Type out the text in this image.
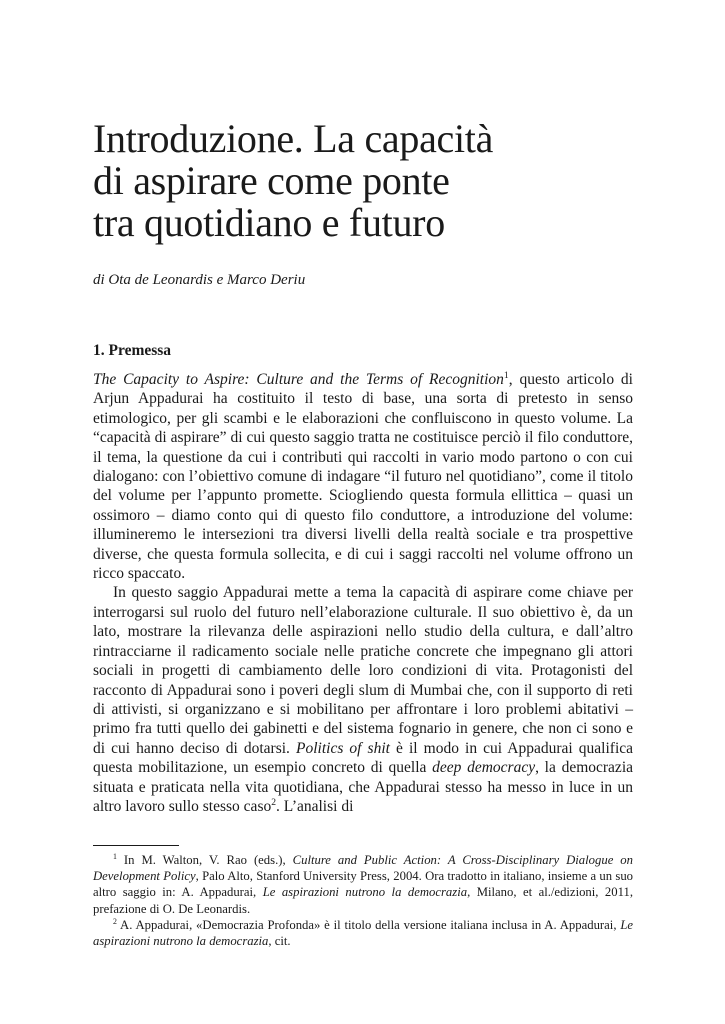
Introduzione. La capacità
di aspirare come ponte
tra quotidiano e futuro
di Ota de Leonardis e Marco Deriu
1. Premessa

The Capacity to Aspire: Culture and the Terms of Recognition$^1$, questo articolo di Arjun Appadurai ha costituito il testo di base, una sorta di pretesto in senso etimologico, per gli scambi e le elaborazioni che confluiscono in questo volume. La “capacità di aspirare” di cui questo saggio tratta ne costituisce perciò il filo conduttore, il tema, la questione da cui i contributi qui raccolti in vario modo partono o con cui dialogano: con l’obiettivo comune di indagare “il futuro nel quotidiano”, come il titolo del volume per l’appunto promette. Sciogliendo questa formula ellittica – quasi un ossimoro – diamo conto qui di questo filo conduttore, a introduzione del volume: illumineremo le intersezioni tra diversi livelli della realtà sociale e tra prospettive diverse, che questa formula sollecita, e di cui i saggi raccolti nel volume offrono un ricco spaccato.

In questo saggio Appadurai mette a tema la capacità di aspirare come chiave per interrogarsi sul ruolo del futuro nell’elaborazione culturale. Il suo obiettivo è, da un lato, mostrare la rilevanza delle aspirazioni nello studio della cultura, e dall’altro rintracciarne il radicamento sociale nelle pratiche concrete che impegnano gli attori sociali in progetti di cambiamento delle loro condizioni di vita. Protagonisti del racconto di Appadurai sono i poveri degli slum di Mumbai che, con il supporto di reti di attivisti, si organizzano e si mobilitano per affrontare i loro problemi abitativi – primo fra tutti quello dei gabinetti e del sistema fognario in genere, che non ci sono e di cui hanno deciso di dotarsi. Politics of shit è il modo in cui Appadurai qualifica questa mobilitazione, un esempio concreto di quella deep democracy, la democrazia situata e praticata nella vita quotidiana, che Appadurai stesso ha messo in luce in un altro lavoro sullo stesso caso$^2$. L’analisi di

$^1$ In M. Walton, V. Rao (eds.), Culture and Public Action: A Cross-Disciplinary Dialogue on Development Policy, Palo Alto, Stanford University Press, 2004. Ora tradotto in italiano, insieme a un suo altro saggio in: A. Appadurai, Le aspirazioni nutrono la democrazia, Milano, et al./edizioni, 2011, prefazione di O. De Leonardis.

$^2$ A. Appadurai, «Democrazia Profonda» è il titolo della versione italiana inclusa in A. Appadurai, Le aspirazioni nutrono la democrazia, cit.
